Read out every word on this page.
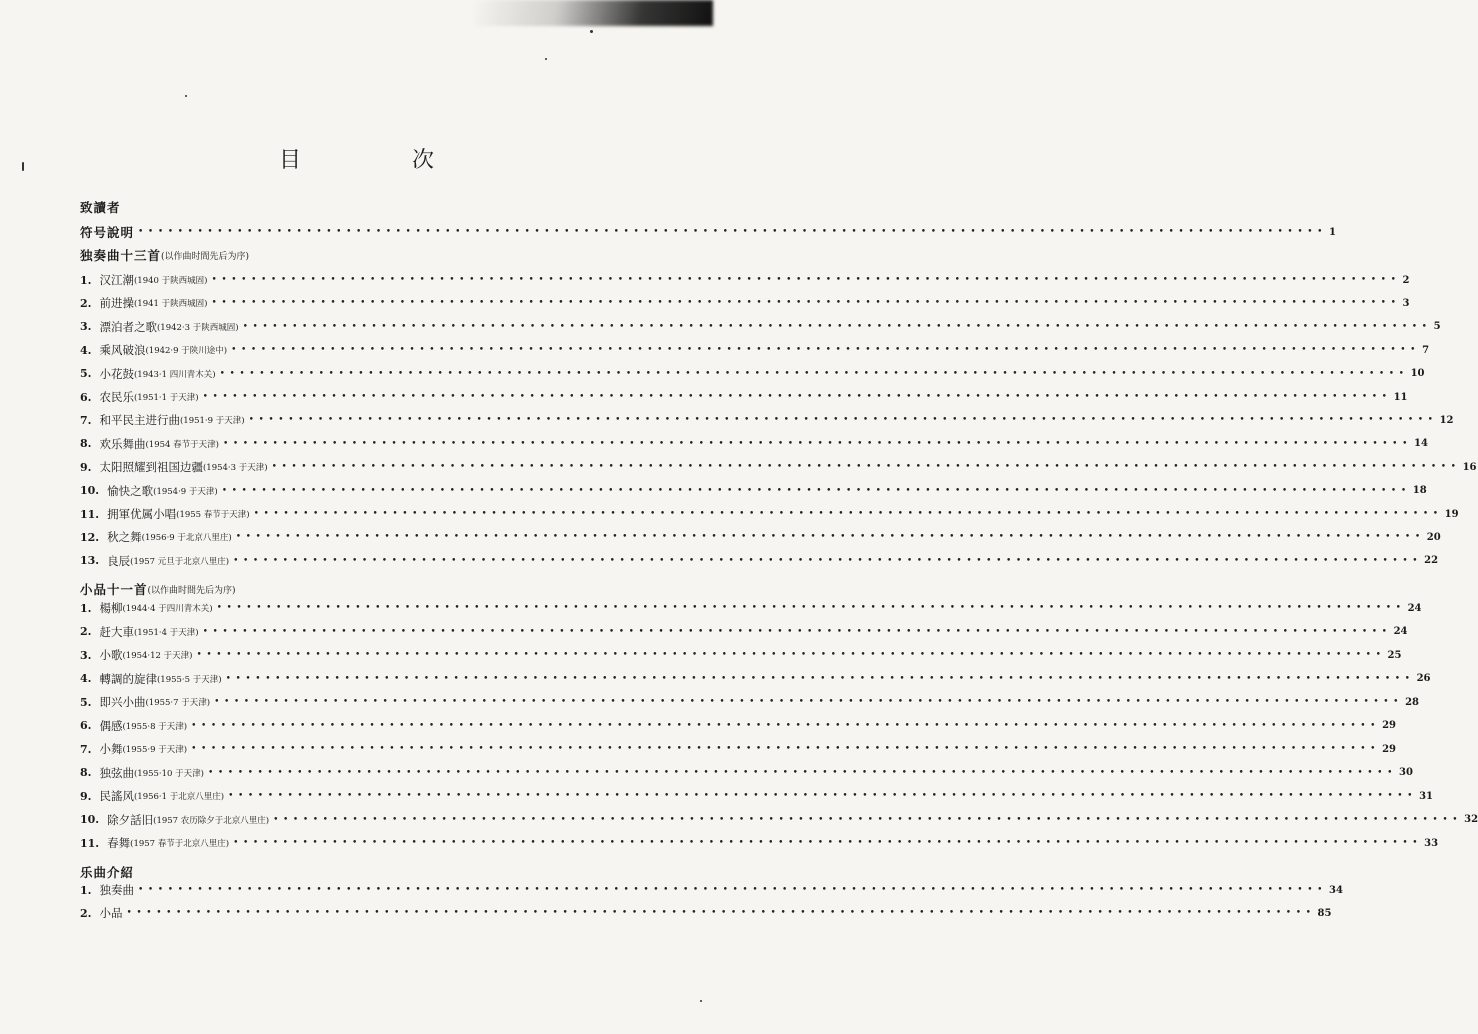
目 次
致讀者
符号說明 •••••••••••••••••••••••••••••••••••••••••••••••••••••••••••••••••••••••••••••••••••••••••••••••••••••••••••••••••••••••• 1
独奏曲十三首 (以作曲时間先后为序)
1. 汉江潮 (1940 于陕西城固) •••••••••••••••••••••••••••••••••••••••••••••••••••••••••••••••••••••••••••••••••••••••••••••••••••••••••••••••••••••••• 2
2. 前进操 (1941 于陕西城固) •••••••••••••••••••••••••••••••••••••••••••••••••••••••••••••••••••••••••••••••••••••••••••••••••••••••••••••••••••••••• 3
3. 漂泊者之歌 (1942·3 于陕西城固) •••••••••••••••••••••••••••••••••••••••••••••••••••••••••••••••••••••••••••••••••••••••••••••••••••••••••••••••••••••••• 5
4. 乘风破浪 (1942·9 于陕川途中) •••••••••••••••••••••••••••••••••••••••••••••••••••••••••••••••••••••••••••••••••••••••••••••••••••••••••••••••••••••••• 7
5. 小花鼓 (1943·1 四川青木关) •••••••••••••••••••••••••••••••••••••••••••••••••••••••••••••••••••••••••••••••••••••••••••••••••••••••••••••••••••••••• 10
6. 农民乐 (1951·1 于天津) •••••••••••••••••••••••••••••••••••••••••••••••••••••••••••••••••••••••••••••••••••••••••••••••••••••••••••••••••••••••• 11
7. 和平民主进行曲 (1951·9 于天津) •••••••••••••••••••••••••••••••••••••••••••••••••••••••••••••••••••••••••••••••••••••••••••••••••••••••••••••••••••••••• 12
8. 欢乐舞曲 (1954 春节于天津) •••••••••••••••••••••••••••••••••••••••••••••••••••••••••••••••••••••••••••••••••••••••••••••••••••••••••••••••••••••••• 14
9. 太阳照耀到祖国边疆 (1954·3 于天津) •••••••••••••••••••••••••••••••••••••••••••••••••••••••••••••••••••••••••••••••••••••••••••••••••••••••••••••••••••••••• 16
10. 愉快之歌 (1954·9 于天津) •••••••••••••••••••••••••••••••••••••••••••••••••••••••••••••••••••••••••••••••••••••••••••••••••••••••••••••••••••••••• 18
11. 拥軍优属小唱 (1955 春节于天津) •••••••••••••••••••••••••••••••••••••••••••••••••••••••••••••••••••••••••••••••••••••••••••••••••••••••••••••••••••••••• 19
12. 秋之舞 (1956·9 于北京八里庄) •••••••••••••••••••••••••••••••••••••••••••••••••••••••••••••••••••••••••••••••••••••••••••••••••••••••••••••••••••••••• 20
13. 良辰 (1957 元旦于北京八里庄) •••••••••••••••••••••••••••••••••••••••••••••••••••••••••••••••••••••••••••••••••••••••••••••••••••••••••••••••••••••••• 22
小品十一首 (以作曲时間先后为序)
1. 楊柳 (1944·4 于四川青木关) •••••••••••••••••••••••••••••••••••••••••••••••••••••••••••••••••••••••••••••••••••••••••••••••••••••••••••••••••••••••• 24
2. 赶大車 (1951·4 于天津) •••••••••••••••••••••••••••••••••••••••••••••••••••••••••••••••••••••••••••••••••••••••••••••••••••••••••••••••••••••••• 24
3. 小歌 (1954·12 于天津) •••••••••••••••••••••••••••••••••••••••••••••••••••••••••••••••••••••••••••••••••••••••••••••••••••••••••••••••••••••••• 25
4. 轉調的旋律 (1955·5 于天津) •••••••••••••••••••••••••••••••••••••••••••••••••••••••••••••••••••••••••••••••••••••••••••••••••••••••••••••••••••••••• 26
5. 即兴小曲 (1955·7 于天津) •••••••••••••••••••••••••••••••••••••••••••••••••••••••••••••••••••••••••••••••••••••••••••••••••••••••••••••••••••••••• 28
6. 偶感 (1955·8 于天津) •••••••••••••••••••••••••••••••••••••••••••••••••••••••••••••••••••••••••••••••••••••••••••••••••••••••••••••••••••••••• 29
7. 小舞 (1955·9 于天津) •••••••••••••••••••••••••••••••••••••••••••••••••••••••••••••••••••••••••••••••••••••••••••••••••••••••••••••••••••••••• 29
8. 独弦曲 (1955·10 于天津) •••••••••••••••••••••••••••••••••••••••••••••••••••••••••••••••••••••••••••••••••••••••••••••••••••••••••••••••••••••••• 30
9. 民謠风 (1956·1 于北京八里庄) •••••••••••••••••••••••••••••••••••••••••••••••••••••••••••••••••••••••••••••••••••••••••••••••••••••••••••••••••••••••• 31
10. 除夕話旧 (1957 农历除夕于北京八里庄) •••••••••••••••••••••••••••••••••••••••••••••••••••••••••••••••••••••••••••••••••••••••••••••••••••••••••••••••••••••••• 32
11. 春舞 (1957 春节于北京八里庄) •••••••••••••••••••••••••••••••••••••••••••••••••••••••••••••••••••••••••••••••••••••••••••••••••••••••••••••••••••••••• 33
乐曲介紹
1. 独奏曲 •••••••••••••••••••••••••••••••••••••••••••••••••••••••••••••••••••••••••••••••••••••••••••••••••••••••••••••••••••••••• 34
2. 小品 •••••••••••••••••••••••••••••••••••••••••••••••••••••••••••••••••••••••••••••••••••••••••••••••••••••••••••••••••••••••• 85
